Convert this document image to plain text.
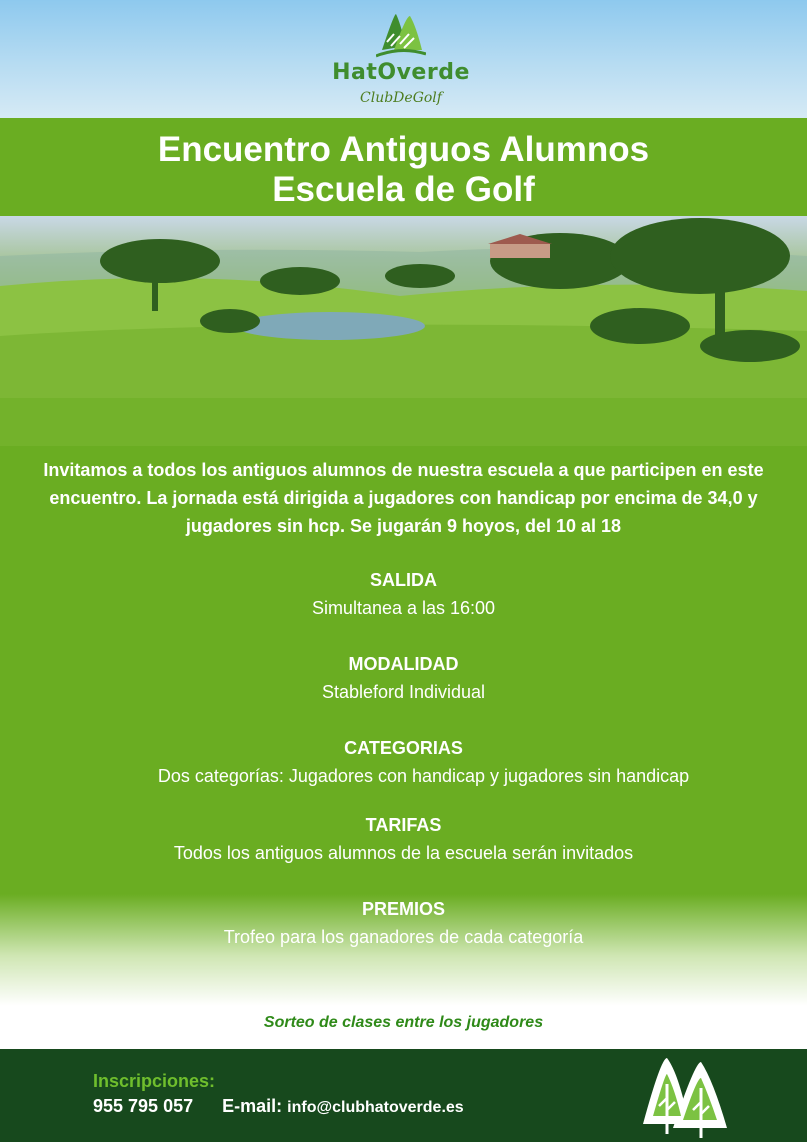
HatOverde
ClubDeGolf
Encuentro Antiguos Alumnos
Escuela de Golf
Invitamos a todos los antiguos alumnos de nuestra escuela a que participen en este encuentro. La jornada está dirigida a jugadores con handicap por encima de 34,0 y jugadores sin hcp. Se jugarán 9 hoyos, del 10 al 18
SALIDA
Simultanea a las 16:00
MODALIDAD
Stableford Individual
CATEGORIAS
Dos categorías: Jugadores con handicap y jugadores sin handicap
TARIFAS
Todos los antiguos alumnos de la escuela serán invitados
PREMIOS
Trofeo para los ganadores de cada categoría
Sorteo de clases entre los jugadores
Inscripciones:
955 795 057 E-mail: info@clubhatoverde.es
